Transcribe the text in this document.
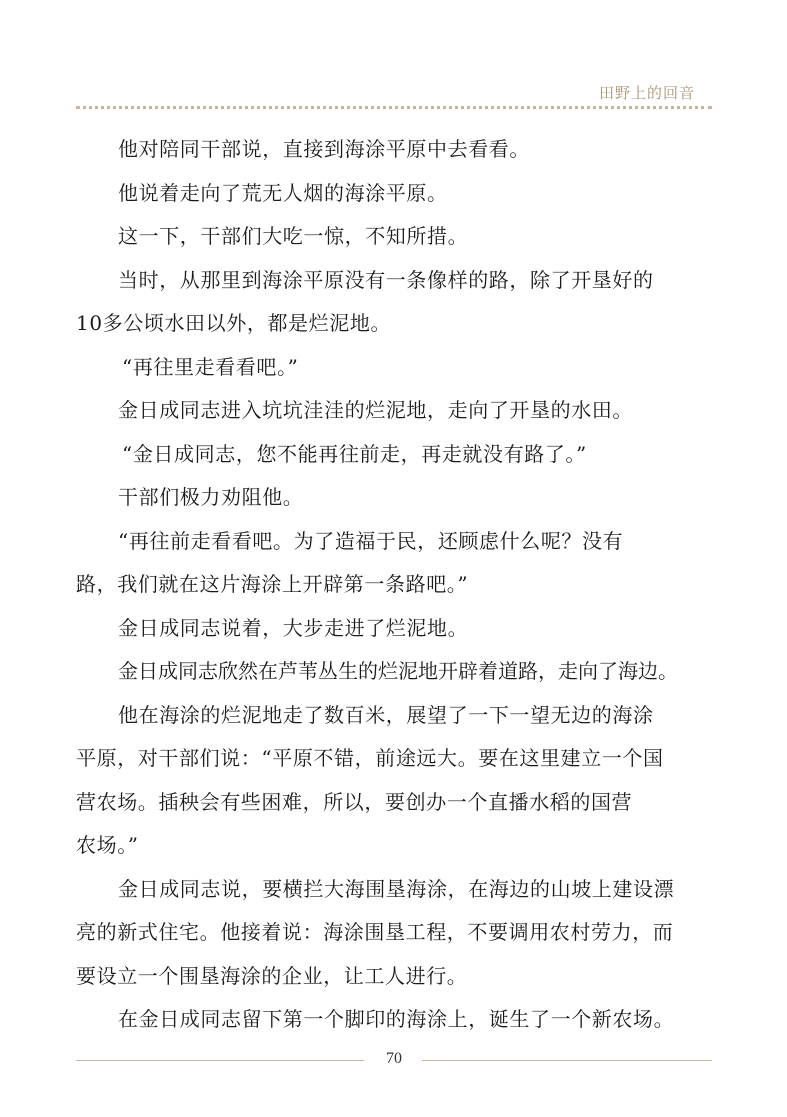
田野上的回音

他对陪同干部说，直接到海涂平原中去看看。

他说着走向了荒无人烟的海涂平原。

这一下，干部们大吃一惊，不知所措。

当时，从那里到海涂平原没有一条像样的路，除了开垦好的
10多公顷水田以外，都是烂泥地。

“再往里走看看吧。”

金日成同志进入坑坑洼洼的烂泥地，走向了开垦的水田。

“金日成同志，您不能再往前走，再走就没有路了。”

干部们极力劝阻他。

“再往前走看看吧。为了造福于民，还顾虑什么呢？没有
路，我们就在这片海涂上开辟第一条路吧。”

金日成同志说着，大步走进了烂泥地。

金日成同志欣然在芦苇丛生的烂泥地开辟着道路，走向了海边。

他在海涂的烂泥地走了数百米，展望了一下一望无边的海涂
平原，对干部们说：“平原不错，前途远大。要在这里建立一个国
营农场。插秧会有些困难，所以，要创办一个直播水稻的国营
农场。”

金日成同志说，要横拦大海围垦海涂，在海边的山坡上建设漂
亮的新式住宅。他接着说：海涂围垦工程，不要调用农村劳力，而
要设立一个围垦海涂的企业，让工人进行。

在金日成同志留下第一个脚印的海涂上，诞生了一个新农场。

70
